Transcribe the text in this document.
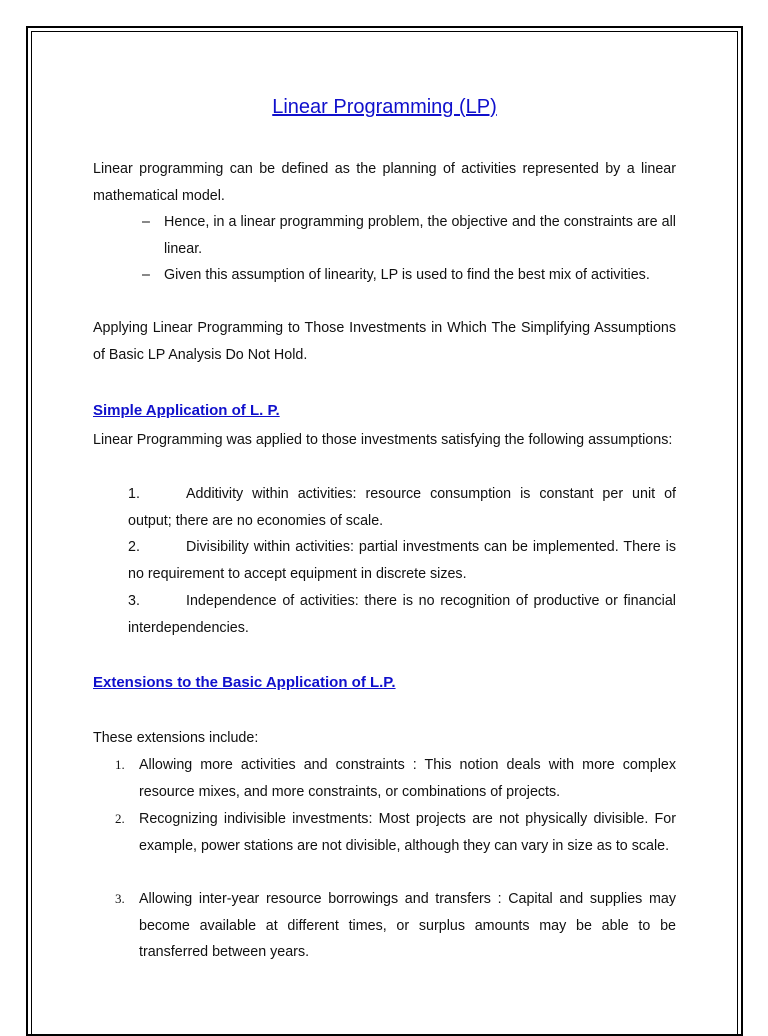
Linear Programming (LP)

Linear programming can be defined as the planning of activities represented by a linear mathematical model.

– Hence, in a linear programming problem, the objective and the constraints are all linear.

– Given this assumption of linearity, LP is used to find the best mix of activities.

Applying Linear Programming to Those Investments in Which The Simplifying Assumptions of Basic LP Analysis Do Not Hold.

Simple Application of L. P.

Linear Programming was applied to those investments satisfying the following assumptions:

1.	Additivity within activities: resource consumption is constant per unit of output; there are no economies of scale.

2.	Divisibility within activities: partial investments can be implemented. There is no requirement to accept equipment in discrete sizes.

3.	Independence of activities: there is no recognition of productive or financial interdependencies.

Extensions to the Basic Application of L.P.

These extensions include:

1. Allowing more activities and constraints : This notion deals with more complex resource mixes, and more constraints, or combinations of projects.

2. Recognizing indivisible investments: Most projects are not physically divisible. For example, power stations are not divisible, although they can vary in size as to scale.

3. Allowing inter-year resource borrowings and transfers : Capital and supplies may become available at different times, or surplus amounts may be able to be transferred between years.
